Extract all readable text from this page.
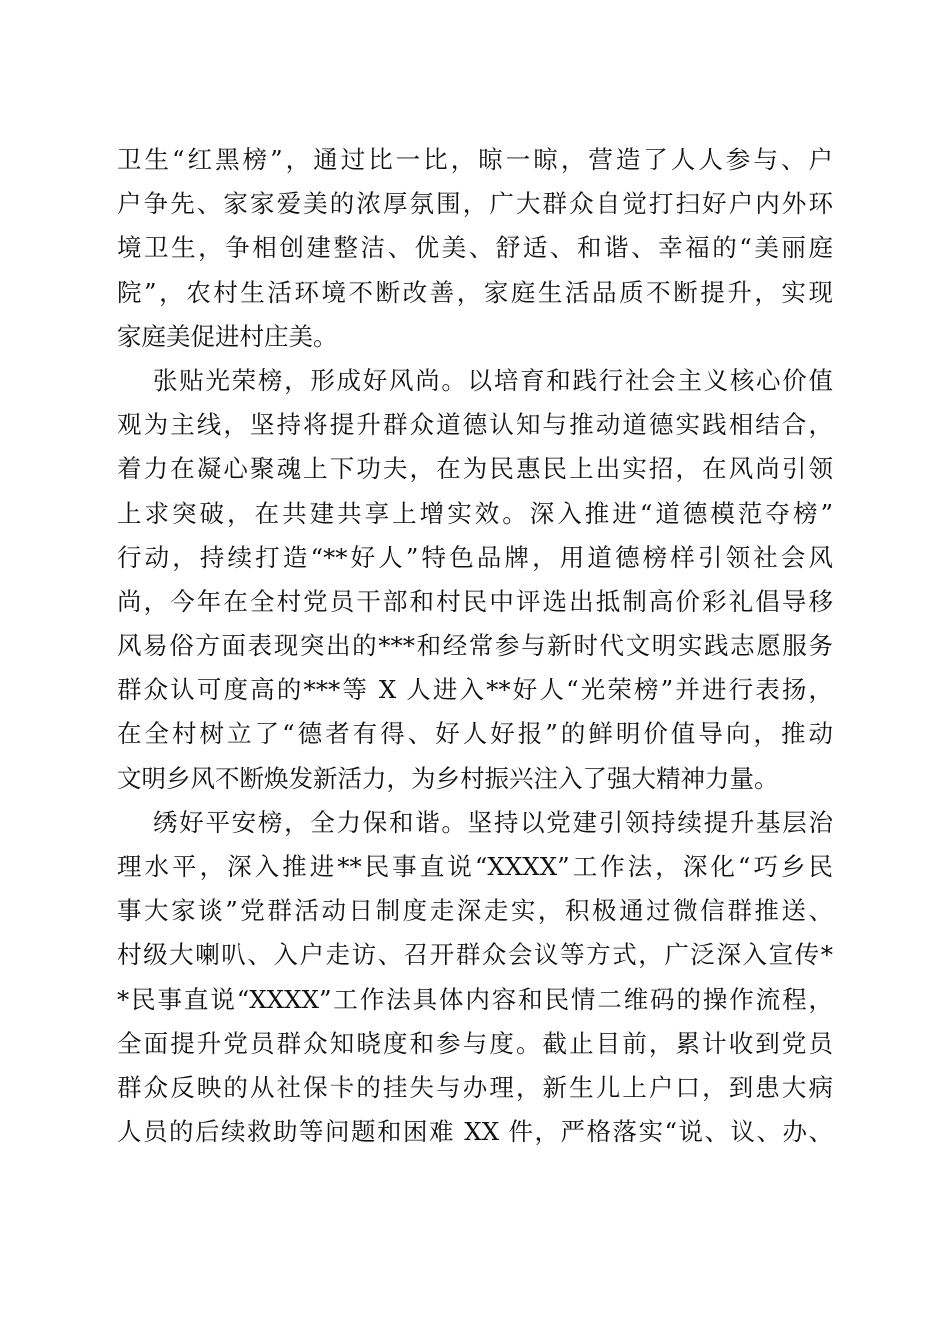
卫生“红黑榜”，通过比一比，晾一晾，营造了人人参与、户
户争先、家家爱美的浓厚氛围，广大群众自觉打扫好户内外环
境卫生，争相创建整洁、优美、舒适、和谐、幸福的“美丽庭
院”，农村生活环境不断改善，家庭生活品质不断提升，实现
家庭美促进村庄美。
张贴光荣榜，形成好风尚。以培育和践行社会主义核心价值
观为主线，坚持将提升群众道德认知与推动道德实践相结合，
着力在凝心聚魂上下功夫，在为民惠民上出实招，在风尚引领
上求突破，在共建共享上增实效。深入推进“道德模范夺榜”
行动，持续打造“**好人”特色品牌，用道德榜样引领社会风
尚，今年在全村党员干部和村民中评选出抵制高价彩礼倡导移
风易俗方面表现突出的***和经常参与新时代文明实践志愿服务
群众认可度高的***等 X 人进入**好人“光荣榜”并进行表扬，
在全村树立了“德者有得、好人好报”的鲜明价值导向，推动
文明乡风不断焕发新活力，为乡村振兴注入了强大精神力量。
绣好平安榜，全力保和谐。坚持以党建引领持续提升基层治
理水平，深入推进**民事直说“XXXX”工作法，深化“巧乡民
事大家谈”党群活动日制度走深走实，积极通过微信群推送、
村级大喇叭、入户走访、召开群众会议等方式，广泛深入宣传*
*民事直说“XXXX”工作法具体内容和民情二维码的操作流程，
全面提升党员群众知晓度和参与度。截止目前，累计收到党员
群众反映的从社保卡的挂失与办理，新生儿上户口，到患大病
人员的后续救助等问题和困难 XX 件，严格落实“说、议、办、
